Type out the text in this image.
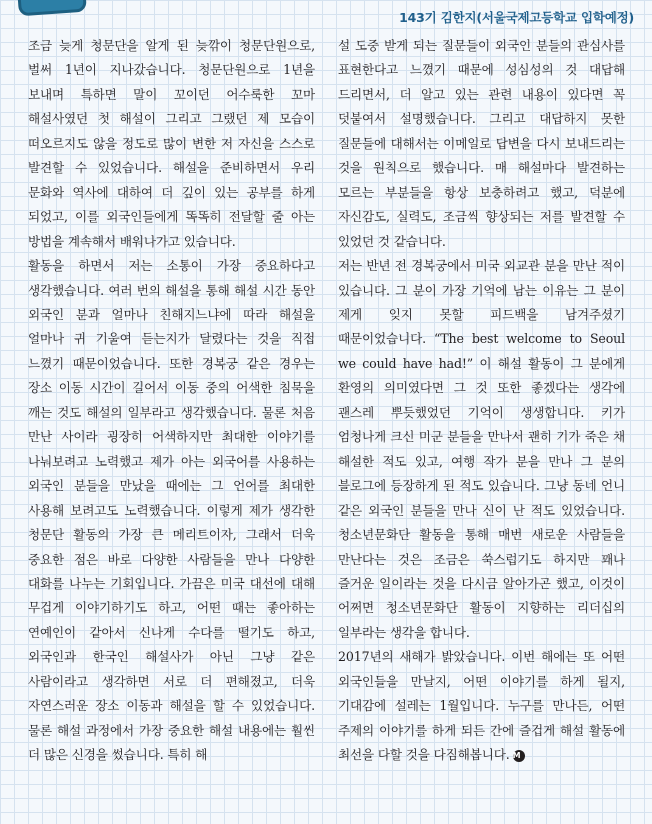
143기 김한지(서울국제고등학교 입학예정)

조금 늦게 청문단을 알게 된 늦깎이 청문단원으로, 벌써 1년이 지나갔습니다. 청문단원으로 1년을 보내며 특하면 말이 꼬이던 어수룩한 꼬마 해설사였던 첫 해설이 그리고 그랬던 제 모습이 떠오르지도 않을 정도로 많이 변한 저 자신을 스스로 발견할 수 있었습니다. 해설을 준비하면서 우리 문화와 역사에 대하여 더 깊이 있는 공부를 하게 되었고, 이를 외국인들에게 똑똑히 전달할 줄 아는 방법을 계속해서 배워나가고 있습니다.

활동을 하면서 저는 소통이 가장 중요하다고 생각했습니다. 여러 번의 해설을 통해 해설 시간 동안 외국인 분과 얼마나 친해지느냐에 따라 해설을 얼마나 귀 기울여 듣는지가 달렸다는 것을 직접 느꼈기 때문이었습니다. 또한 경복궁 같은 경우는 장소 이동 시간이 길어서 이동 중의 어색한 침묵을 깨는 것도 해설의 일부라고 생각했습니다. 물론 처음 만난 사이라 굉장히 어색하지만 최대한 이야기를 나눠보려고 노력했고 제가 아는 외국어를 사용하는 외국인 분들을 만났을 때에는 그 언어를 최대한 사용해 보려고도 노력했습니다. 이렇게 제가 생각한 청문단 활동의 가장 큰 메리트이자, 그래서 더욱 중요한 점은 바로 다양한 사람들을 만나 다양한 대화를 나누는 기회입니다. 가끔은 미국 대선에 대해 무겁게 이야기하기도 하고, 어떤 때는 좋아하는 연예인이 같아서 신나게 수다를 떨기도 하고, 외국인과 한국인 해설사가 아닌 그냥 같은 사람이라고 생각하면 서로 더 편해졌고, 더욱 자연스러운 장소 이동과 해설을 할 수 있었습니다. 물론 해설 과정에서 가장 중요한 해설 내용에는 훨씬 더 많은 신경을 썼습니다. 특히 해

설 도중 받게 되는 질문들이 외국인 분들의 관심사를 표현한다고 느꼈기 때문에 성심성의 것 대답해 드리면서, 더 알고 있는 관련 내용이 있다면 꼭 덧붙여서 설명했습니다. 그리고 대답하지 못한 질문들에 대해서는 이메일로 답변을 다시 보내드리는 것을 원칙으로 했습니다. 매 해설마다 발견하는 모르는 부분들을 항상 보충하려고 했고, 덕분에 자신감도, 실력도, 조금씩 향상되는 저를 발견할 수 있었던 것 같습니다.

저는 반년 전 경복궁에서 미국 외교관 분을 만난 적이 있습니다. 그 분이 가장 기억에 남는 이유는 그 분이 제게 잊지 못할 피드백을 남겨주셨기 때문이었습니다. “The best welcome to Seoul we could have had!” 이 해설 활동이 그 분에게 환영의 의미였다면 그 것 또한 좋겠다는 생각에 괜스레 뿌듯했었던 기억이 생생합니다. 키가 엄청나게 크신 미군 분들을 만나서 괜히 기가 죽은 채 해설한 적도 있고, 여행 작가 분을 만나 그 분의 블로그에 등장하게 된 적도 있습니다. 그냥 동네 언니 같은 외국인 분들을 만나 신이 난 적도 있었습니다. 청소년문화단 활동을 통해 매번 새로운 사람들을 만난다는 것은 조금은 쑥스럽기도 하지만 꽤나 즐거운 일이라는 것을 다시금 알아가곤 했고, 이것이 어쩌면 청소년문화단 활동이 지향하는 리더십의 일부라는 생각을 합니다.

2017년의 새해가 밝았습니다. 이번 해에는 또 어떤 외국인들을 만날지, 어떤 이야기를 하게 될지, 기대감에 설레는 1월입니다. 누구를 만나든, 어떤 주제의 이야기를 하게 되든 간에 즐겁게 해설 활동에 최선을 다할 것을 다짐해봅니다. M
